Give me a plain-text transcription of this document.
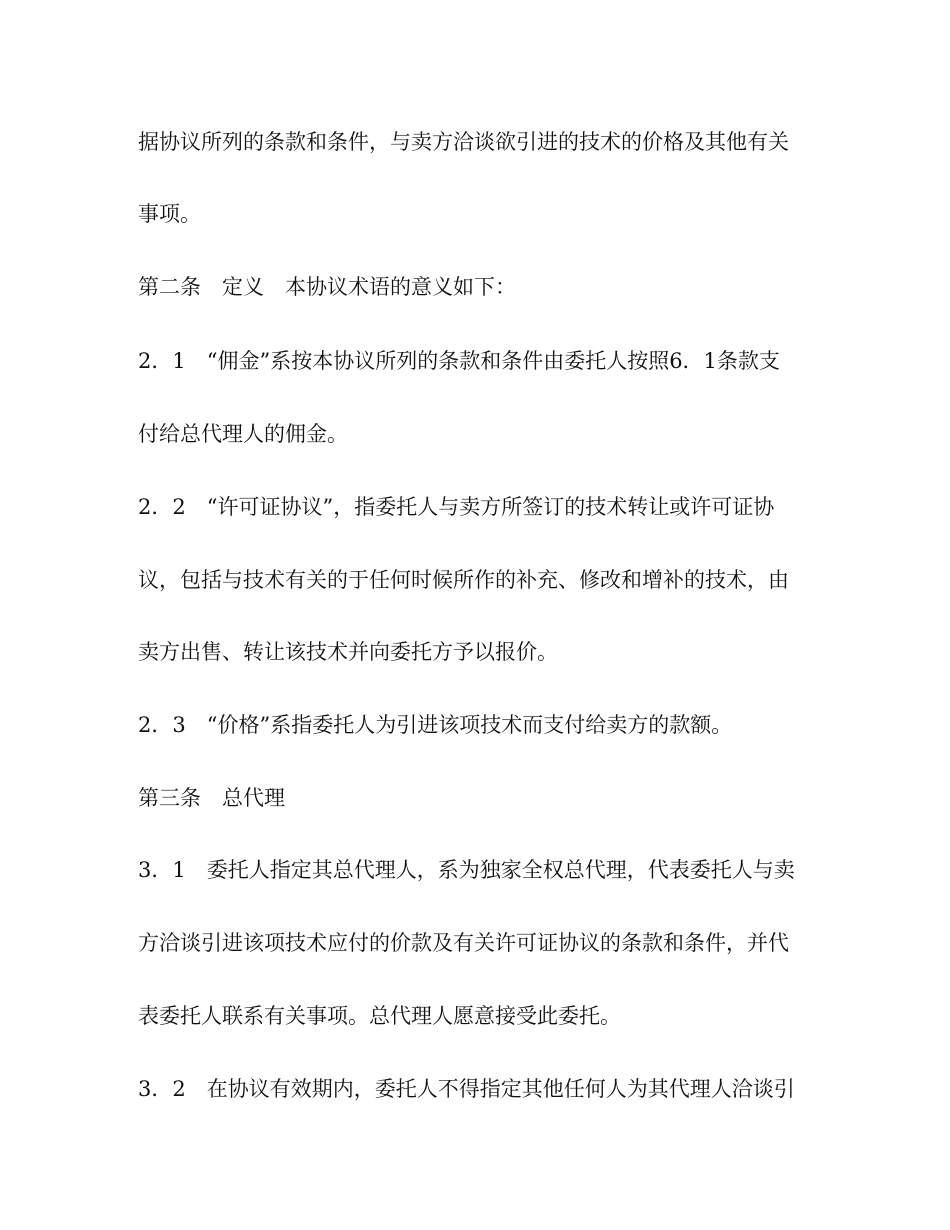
据协议所列的条款和条件，与卖方洽谈欲引进的技术的价格及其他有关
事项。
第二条　定义　本协议术语的意义如下：
2．1　“佣金”系按本协议所列的条款和条件由委托人按照6．1条款支
付给总代理人的佣金。
2．2　“许可证协议”，指委托人与卖方所签订的技术转让或许可证协
议，包括与技术有关的于任何时候所作的补充、修改和增补的技术，由
卖方出售、转让该技术并向委托方予以报价。
2．3　“价格”系指委托人为引进该项技术而支付给卖方的款额。
第三条　总代理
3．1　委托人指定其总代理人，系为独家全权总代理，代表委托人与卖
方洽谈引进该项技术应付的价款及有关许可证协议的条款和条件，并代
表委托人联系有关事项。总代理人愿意接受此委托。
3．2　在协议有效期内，委托人不得指定其他任何人为其代理人洽谈引
